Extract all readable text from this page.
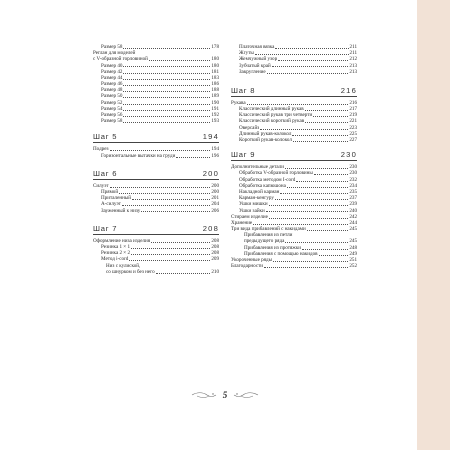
Размер 58	178
Реглан для моделей
с V-образной горловиной	180
Размер 40	180
Размер 42	181
Размер 44	183
Размер 46	186
Размер 48	188
Размер 50	189
Размер 52	190
Размер 54	191
Размер 56	192
Размер 58	193
Шаг 5	194
Подрез	194
Горизонтальные вытачки на груди	196
Шаг 6	200
Силуэт	200
Прямой	200
Приталенный	201
А-силуэт	204
Зауженный к низу	206
Шаг 7	208
Оформление низа изделия	208
Резинка 1 × 1	208
Резинка 2 × 2	208
Метод i-cord	209
Низ с кулиской,
со шнурком и без него	210
Платочная вязка	211
Жгуты	211
Жемчужный узор	212
Зубчатый край	213
Закругление	213
Шаг 8	216
Рукава	216
Классический длинный рукав	217
Классический рукав три четверти	219
Классический короткий рукав	221
Оверсайз	223
Длинный рукав-колокол	225
Короткий рукав-колокол	227
Шаг 9	230
Дополнительные детали	230
Обработка V-образной горловины	230
Обработка методом I-cord	232
Обработка капюшона	234
Накладной карман	235
Карман-кенгуру	237
Ушки мишки	239
Ушки зайки	240
Стирaем изделие	242
Хранение	244
Три вида прибавлений с накидами	245
Прибавления из петли
предыдущего ряда	245
Прибавления из протяжки	248
Прибавления с помощью накидов	249
Укороченные ряды	251
Благодарности	252
5
